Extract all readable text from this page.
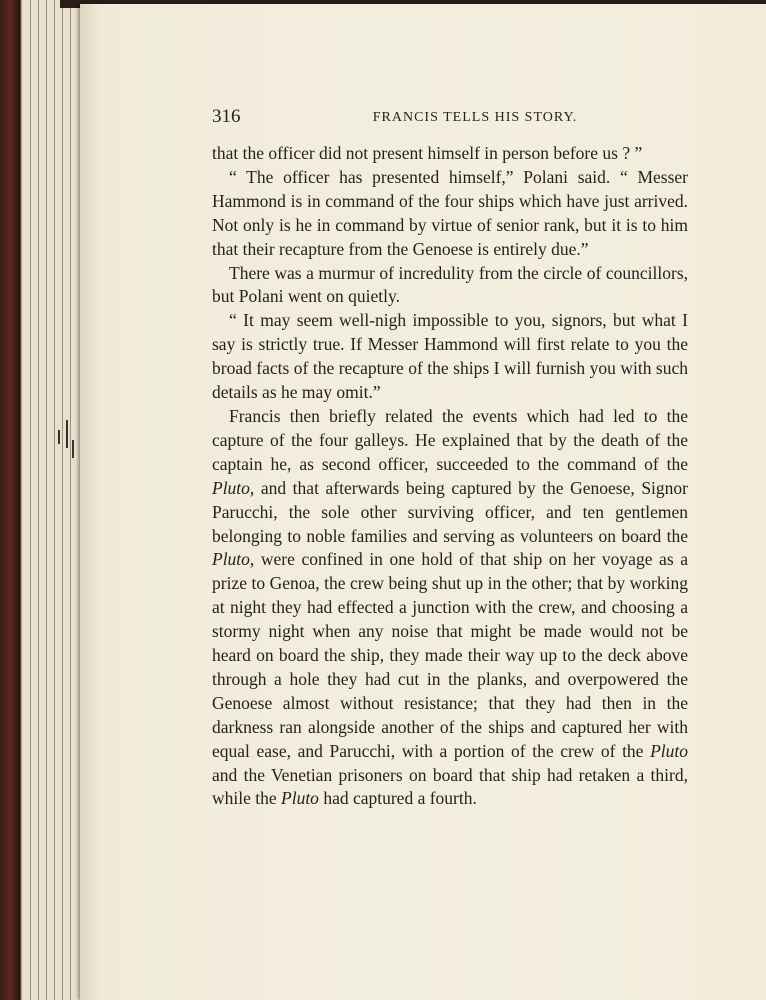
316	FRANCIS TELLS HIS STORY.

that the officer did not present himself in person before us ? ”

“ The officer has presented himself,” Polani said. “ Messer Hammond is in command of the four ships which have just arrived. Not only is he in command by virtue of senior rank, but it is to him that their recapture from the Genoese is entirely due.”

There was a murmur of incredulity from the circle of councillors, but Polani went on quietly.

“ It may seem well-nigh impossible to you, signors, but what I say is strictly true. If Messer Hammond will first relate to you the broad facts of the recapture of the ships I will furnish you with such details as he may omit.”

Francis then briefly related the events which had led to the capture of the four galleys. He explained that by the death of the captain he, as second officer, succeeded to the command of the Pluto, and that afterwards being captured by the Genoese, Signor Parucchi, the sole other surviving officer, and ten gentlemen belonging to noble families and serving as volunteers on board the Pluto, were confined in one hold of that ship on her voyage as a prize to Genoa, the crew being shut up in the other; that by working at night they had effected a junction with the crew, and choosing a stormy night when any noise that might be made would not be heard on board the ship, they made their way up to the deck above through a hole they had cut in the planks, and overpowered the Genoese almost without resistance; that they had then in the darkness ran alongside another of the ships and captured her with equal ease, and Parucchi, with a portion of the crew of the Pluto and the Venetian prisoners on board that ship had retaken a third, while the Pluto had captured a fourth.
